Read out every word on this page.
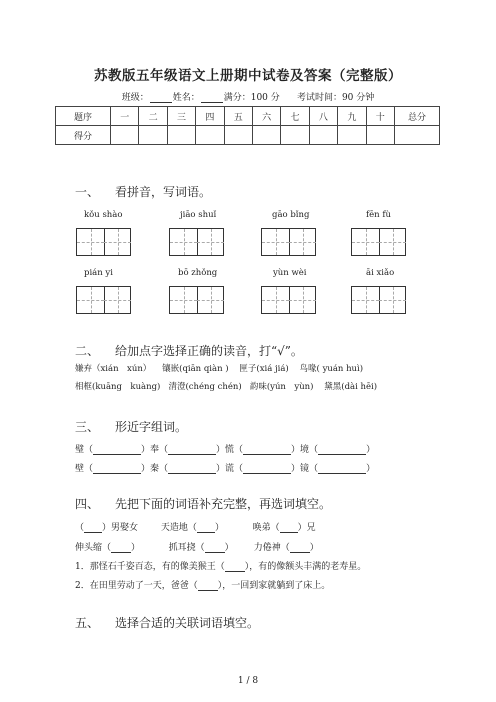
苏教版五年级语文上册期中试卷及答案（完整版）
班级：	姓名：	满分：100 分 考试时间：90 分钟
题序	一	二	三	四	五	六	七	八	九	十	总分
得分											
一、 看拼音，写词语。
kǒu shào	jiāo shuǐ	gāo bǐng	fēn fù
pián yi	bō zhǒng	yùn wèi	āi xiǎo
二、 给加点字选择正确的读音，打“√”。
嫌弃（xián　xún） 镶嵌(qiān qiàn ) 匣子(xiá jiá) 鸟喙( yuán huì)
相框(kuāng　kuàng) 清澄(chéng chén) 韵味(yún　yùn) 黛黑(dài hēi)
三、 形近字组词。
璧（	）奉（	）慌（	）境（	）
壁（	）秦（	）谎（	）镜（	）
四、 先把下面的词语补充完整，再选词填空。
（ ）男娶女	天造地（ ）	唤弟（ ）兄
伸头缩（ ）	抓耳挠（ ） 力倦神（ ）
1．那怪石千姿百态，有的像美猴王（ ），有的像额头丰满的老寿星。
2．在田里劳动了一天，爸爸（ ），一回到家就躺到了床上。
五、 选择合适的关联词语填空。
1 / 8
